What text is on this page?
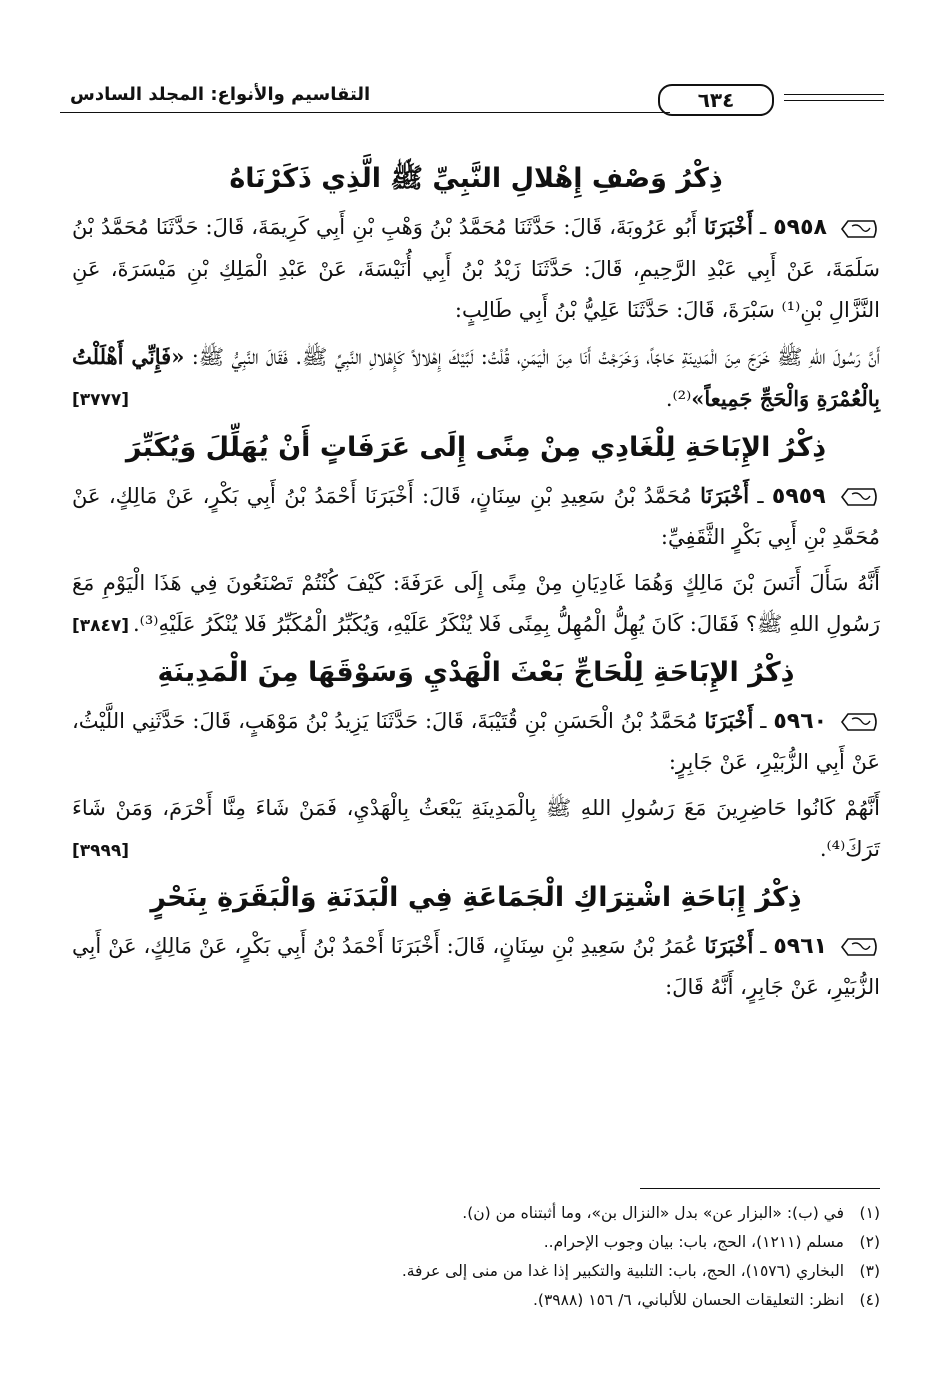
٦٣٤
التقاسيم والأنواع: المجلد السادس
ذِكْرُ وَصْفِ إِهْلالِ النَّبِيِّ ﷺ الَّذِي ذَكَرْنَاهُ

٥٩٥٨ ـ أَخْبَرَنَا أَبُو عَرُوبَةَ، قَالَ: حَدَّثَنَا مُحَمَّدُ بْنُ وَهْبِ بْنِ أَبِي كَرِيمَةَ، قَالَ: حَدَّثَنَا مُحَمَّدُ بْنُ سَلَمَةَ، عَنْ أَبِي عَبْدِ الرَّحِيمِ، قَالَ: حَدَّثَنَا زَيْدُ بْنُ أَبِي أُنَيْسَةَ، عَنْ عَبْدِ الْمَلِكِ بْنِ مَيْسَرَةَ، عَنِ النَّزَّالِ بْنِ⁽¹⁾ سَبْرَةَ، قَالَ: حَدَّثَنَا عَلِيُّ بْنُ أَبِي طَالِبٍ:

أَنَّ رَسُولَ اللهِ ﷺ خَرَجَ مِنَ الْمَدِينَةِ حَاجّاً، وَخَرَجْتُ أَنَا مِنَ الْيَمَنِ، قُلْتُ: لَبَّيْكَ إِهْلالاً كَإِهْلالِ النَّبِيِّ ﷺ. فَقَالَ النَّبِيُّ ﷺ: «فَإِنِّي أَهْلَلْتُ بِالْعُمْرَةِ وَالْحَجِّ جَمِيعاً»⁽²⁾.
[٣٧٧٧]

ذِكْرُ الإِبَاحَةِ لِلْغَادِي مِنْ مِنًى إِلَى عَرَفَاتٍ أَنْ يُهَلِّلَ وَيُكَبِّرَ

٥٩٥٩ ـ أَخْبَرَنَا مُحَمَّدُ بْنُ سَعِيدِ بْنِ سِنَانٍ، قَالَ: أَخْبَرَنَا أَحْمَدُ بْنُ أَبِي بَكْرٍ، عَنْ مَالِكٍ، عَنْ مُحَمَّدِ بْنِ أَبِي بَكْرٍ الثَّقَفِيِّ:

أَنَّهُ سَأَلَ أَنَسَ بْنَ مَالِكٍ وَهُمَا غَادِيَانِ مِنْ مِنًى إِلَى عَرَفَةَ: كَيْفَ كُنْتُمْ تَصْنَعُونَ فِي هَذَا الْيَوْمِ مَعَ رَسُولِ اللهِ ﷺ؟ فَقَالَ: كَانَ يُهِلُّ الْمُهِلُّ بِمِنًى فَلا يُنْكَرُ عَلَيْهِ، وَيُكَبِّرُ الْمُكَبِّرُ فَلا يُنْكَرُ عَلَيْهِ⁽³⁾.
[٣٨٤٧]

ذِكْرُ الإِبَاحَةِ لِلْحَاجِّ بَعْثَ الْهَدْيِ وَسَوْقَهَا مِنَ الْمَدِينَةِ

٥٩٦٠ ـ أَخْبَرَنَا مُحَمَّدُ بْنُ الْحَسَنِ بْنِ قُتَيْبَةَ، قَالَ: حَدَّثَنَا يَزِيدُ بْنُ مَوْهَبٍ، قَالَ: حَدَّثَنِي اللَّيْثُ، عَنْ أَبِي الزُّبَيْرِ، عَنْ جَابِرٍ:

أَنَّهُمْ كَانُوا حَاضِرِينَ مَعَ رَسُولِ اللهِ ﷺ بِالْمَدِينَةِ يَبْعَثُ بِالْهَدْيِ، فَمَنْ شَاءَ مِنَّا أَحْرَمَ، وَمَنْ شَاءَ تَرَكَ⁽⁴⁾.
[٣٩٩٩]

ذِكْرُ إِبَاحَةِ اشْتِرَاكِ الْجَمَاعَةِ فِي الْبَدَنَةِ وَالْبَقَرَةِ بِنَحْرٍ

٥٩٦١ ـ أَخْبَرَنَا عُمَرُ بْنُ سَعِيدِ بْنِ سِنَانٍ، قَالَ: أَخْبَرَنَا أَحْمَدُ بْنُ أَبِي بَكْرٍ، عَنْ مَالِكٍ، عَنْ أَبِي الزُّبَيْرِ، عَنْ جَابِرٍ، أَنَّهُ قَالَ:

(١)في (ب): «البزار عن» بدل «النزال بن»، وما أثبتناه من (ن).

(٢)مسلم (١٢١١)، الحج، باب: بيان وجوب الإحرام..

(٣)البخاري (١٥٧٦)، الحج، باب: التلبية والتكبير إذا غدا من منى إلى عرفة.

(٤)انظر: التعليقات الحسان للألباني، ٦/ ١٥٦ (٣٩٨٨).
